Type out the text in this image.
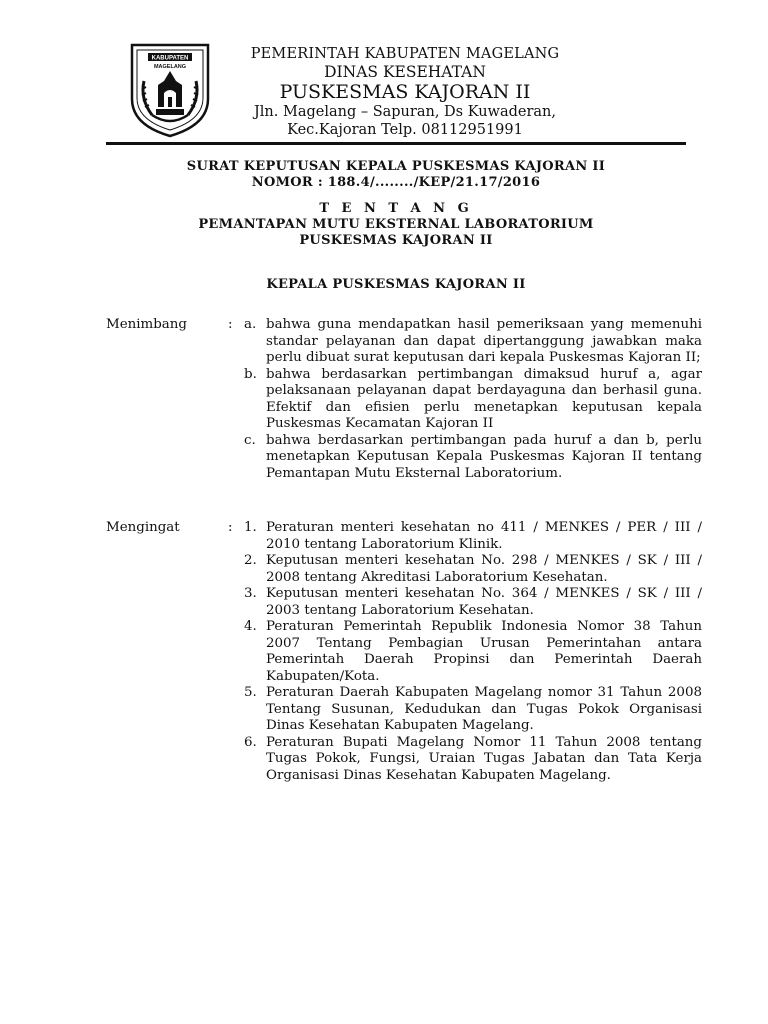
KABUPATEN
MAGELANG
PEMERINTAH KABUPATEN MAGELANG
DINAS KESEHATAN
PUSKESMAS KAJORAN II
Jln. Magelang – Sapuran, Ds Kuwaderan,
Kec.Kajoran Telp. 08112951991
SURAT KEPUTUSAN KEPALA PUSKESMAS KAJORAN II
NOMOR : 188.4/......../KEP/21.17/2016
T E N T A N G
PEMANTAPAN MUTU EKSTERNAL LABORATORIUM
PUSKESMAS KAJORAN II
KEPALA PUSKESMAS KAJORAN II
Menimbang	: a. bahwa guna mendapatkan hasil pemeriksaan yang memenuhi standar pelayanan dan dapat dipertanggung jawabkan maka perlu dibuat surat keputusan dari kepala Puskesmas Kajoran II;
b. bahwa berdasarkan pertimbangan dimaksud huruf a, agar pelaksanaan pelayanan dapat berdayaguna dan berhasil guna. Efektif dan efisien perlu menetapkan keputusan kepala Puskesmas Kecamatan Kajoran II
c. bahwa berdasarkan pertimbangan pada huruf a dan b, perlu menetapkan Keputusan Kepala Puskesmas Kajoran II tentang Pemantapan Mutu Eksternal Laboratorium.
Mengingat	: 1. Peraturan menteri kesehatan no 411 / MENKES / PER / III / 2010 tentang Laboratorium Klinik.
2. Keputusan menteri kesehatan No. 298 / MENKES / SK / III / 2008 tentang Akreditasi Laboratorium Kesehatan.
3. Keputusan menteri kesehatan No. 364 / MENKES / SK / III / 2003 tentang Laboratorium Kesehatan.
4. Peraturan Pemerintah Republik Indonesia Nomor 38 Tahun 2007 Tentang Pembagian Urusan Pemerintahan antara Pemerintah Daerah Propinsi dan Pemerintah Daerah Kabupaten/Kota.
5. Peraturan Daerah Kabupaten Magelang nomor 31 Tahun 2008 Tentang Susunan, Kedudukan dan Tugas Pokok Organisasi Dinas Kesehatan Kabupaten Magelang.
6. Peraturan Bupati Magelang Nomor 11 Tahun 2008 tentang Tugas Pokok, Fungsi, Uraian Tugas Jabatan dan Tata Kerja Organisasi Dinas Kesehatan Kabupaten Magelang.
